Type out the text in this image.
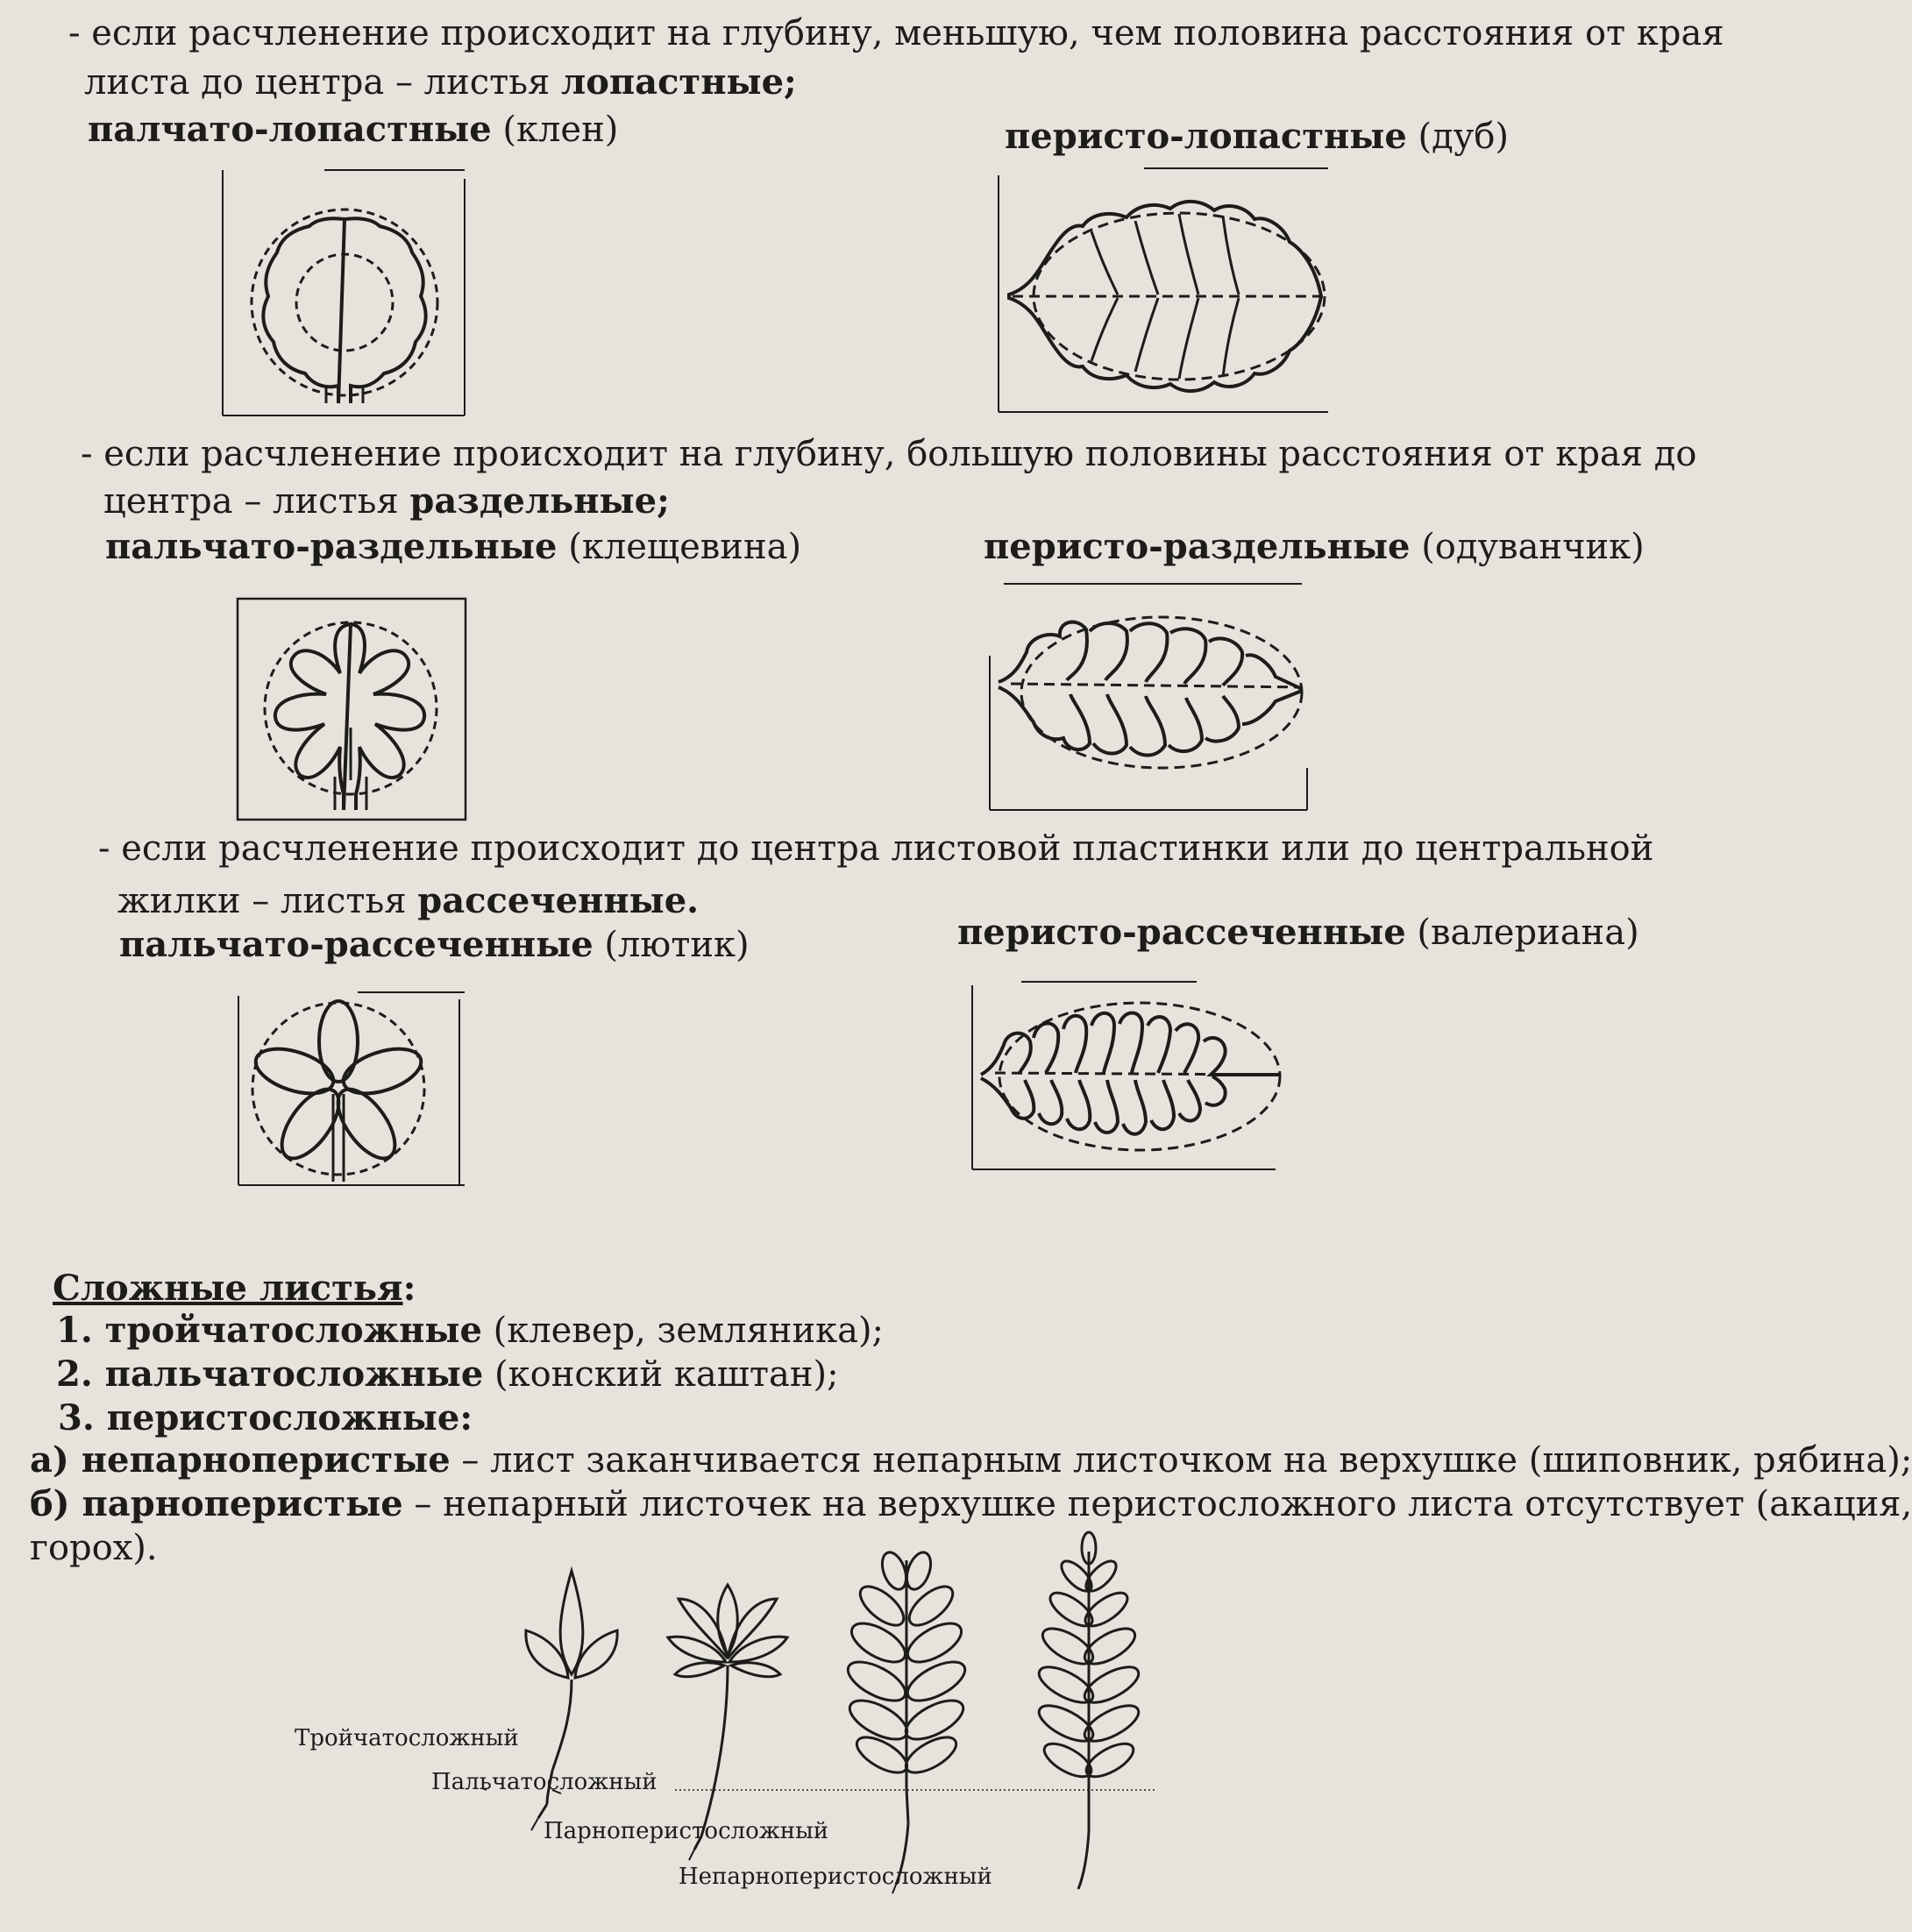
- если расчленение происходит на глубину, меньшую, чем половина расстояния от края
листа до центра – листья лопастные;
палчато-лопастные (клен)	перисто-лопастные (дуб)
- если расчленение происходит на глубину, большую половины расстояния от края до
центра – листья раздельные;
пальчато-раздельные (клещевина)	перисто-раздельные (одуванчик)
- если расчленение происходит до центра листовой пластинки или до центральной
жилки – листья рассеченные.
пальчато-рассеченные (лютик)	перисто-рассеченные (валериана)
Сложные листья:
1. тройчатосложные (клевер, земляника);
2. пальчатосложные (конский каштан);
3. перистосложные:
а) непарноперистые – лист заканчивается непарным листочком на верхушке (шиповник, рябина);
б) парноперистые – непарный листочек на верхушке перистосложного листа отсутствует (акация,
горох).
Тройчатосложный
Пальчатосложный
Парноперистосложный
Непарноперистосложный
